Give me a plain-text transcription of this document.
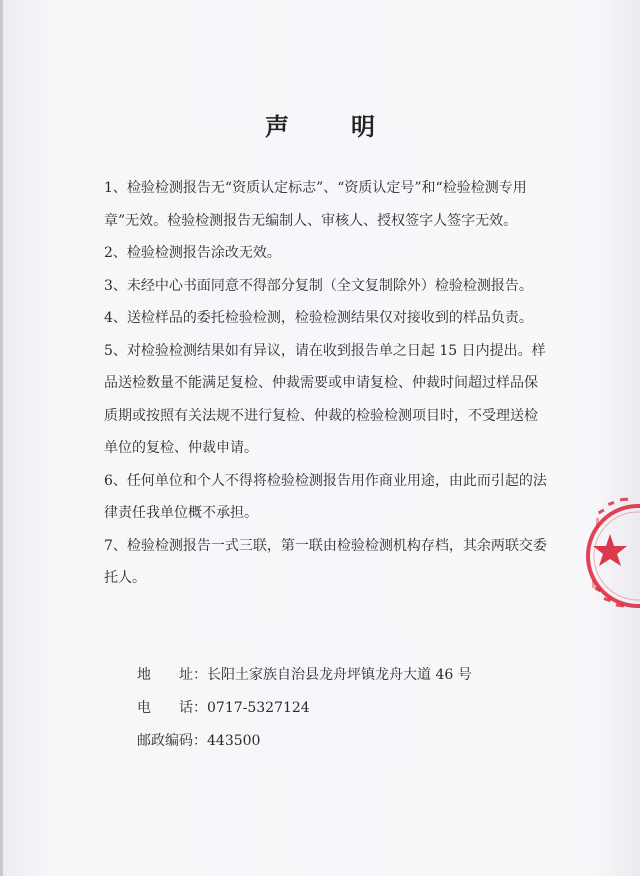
声	明

1、检验检测报告无“资质认定标志”、“资质认定号”和“检验检测专用章”无效。检验检测报告无编制人、审核人、授权签字人签字无效。

2、检验检测报告涂改无效。

3、未经中心书面同意不得部分复制（全文复制除外）检验检测报告。

4、送检样品的委托检验检测，检验检测结果仅对接收到的样品负责。

5、对检验检测结果如有异议，请在收到报告单之日起 15 日内提出。样品送检数量不能满足复检、仲裁需要或申请复检、仲裁时间超过样品保质期或按照有关法规不进行复检、仲裁的检验检测项目时，不受理送检单位的复检、仲裁申请。

6、任何单位和个人不得将检验检测报告用作商业用途，由此而引起的法律责任我单位概不承担。

7、检验检测报告一式三联，第一联由检验检测机构存档，其余两联交委托人。

地 址：长阳土家族自治县龙舟坪镇龙舟大道 46 号
电 话：0717-5327124
邮政编码：443500
